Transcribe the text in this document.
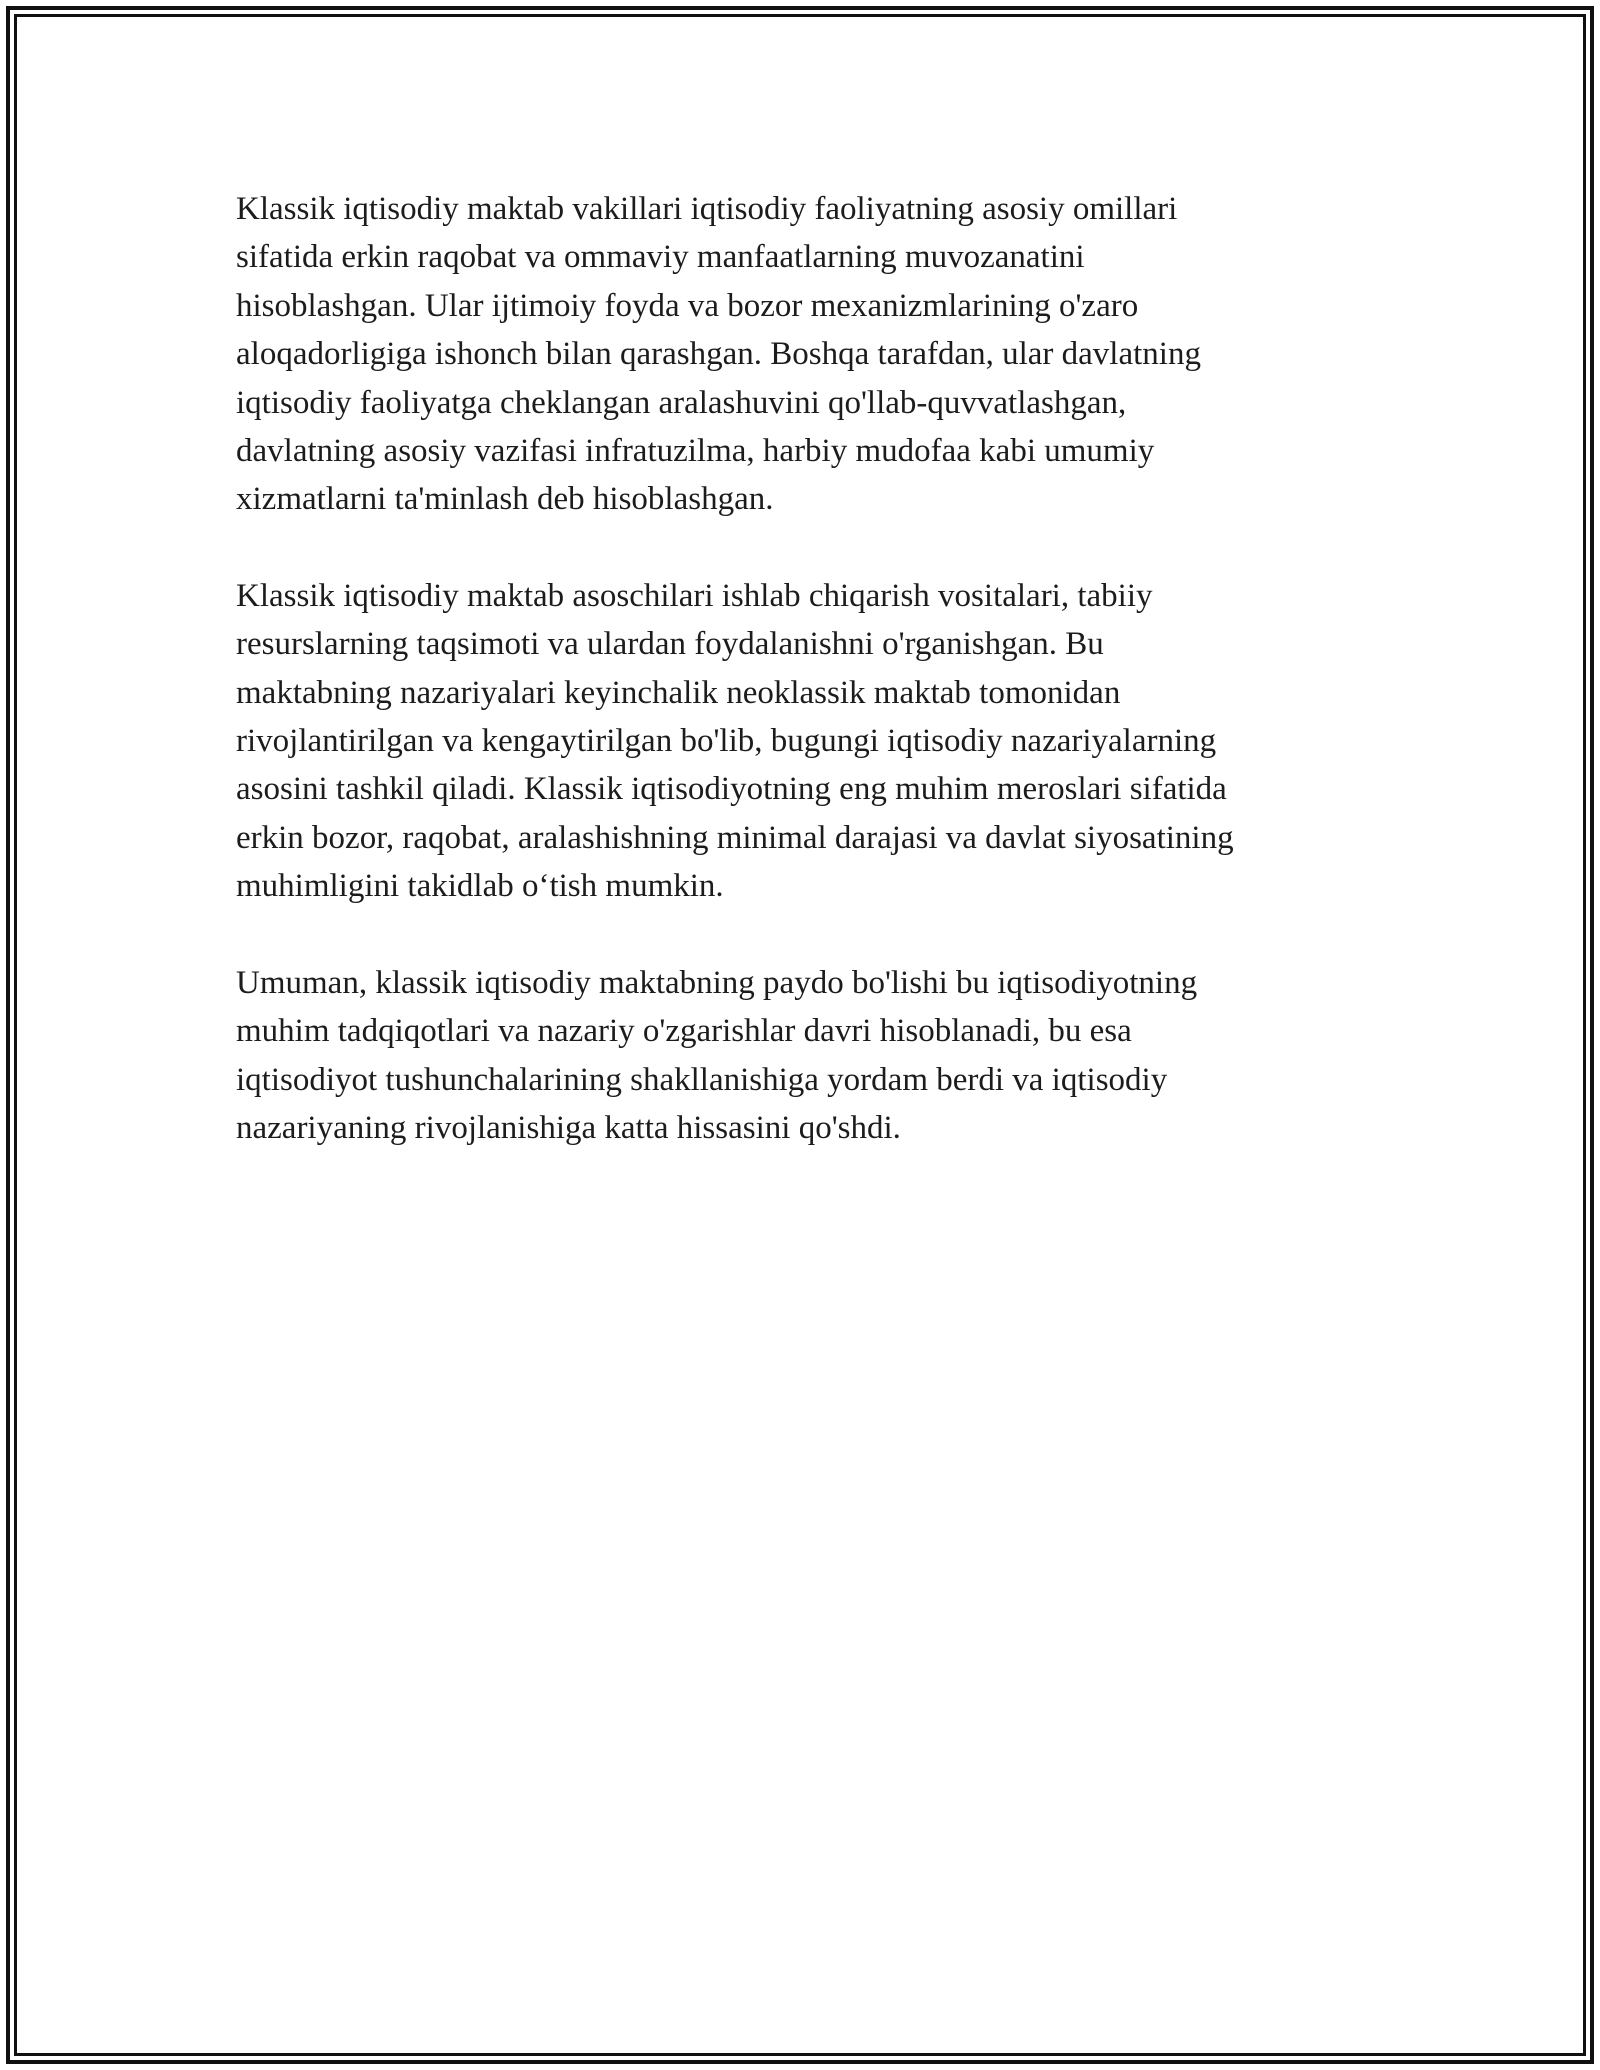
Klassik iqtisodiy maktab vakillari iqtisodiy faoliyatning asosiy omillari
sifatida erkin raqobat va ommaviy manfaatlarning muvozanatini
hisoblashgan. Ular ijtimoiy foyda va bozor mexanizmlarining o'zaro
aloqadorligiga ishonch bilan qarashgan. Boshqa tarafdan, ular davlatning
iqtisodiy faoliyatga cheklangan aralashuvini qo'llab-quvvatlashgan,
davlatning asosiy vazifasi infratuzilma, harbiy mudofaa kabi umumiy
xizmatlarni ta'minlash deb hisoblashgan.

Klassik iqtisodiy maktab asoschilari ishlab chiqarish vositalari, tabiiy
resurslarning taqsimoti va ulardan foydalanishni o'rganishgan. Bu
maktabning nazariyalari keyinchalik neoklassik maktab tomonidan
rivojlantirilgan va kengaytirilgan bo'lib, bugungi iqtisodiy nazariyalarning
asosini tashkil qiladi. Klassik iqtisodiyotning eng muhim meroslari sifatida
erkin bozor, raqobat, aralashishning minimal darajasi va davlat siyosatining
muhimligini takidlab o‘tish mumkin.

Umuman, klassik iqtisodiy maktabning paydo bo'lishi bu iqtisodiyotning
muhim tadqiqotlari va nazariy o'zgarishlar davri hisoblanadi, bu esa
iqtisodiyot tushunchalarining shakllanishiga yordam berdi va iqtisodiy
nazariyaning rivojlanishiga katta hissasini qo'shdi.
